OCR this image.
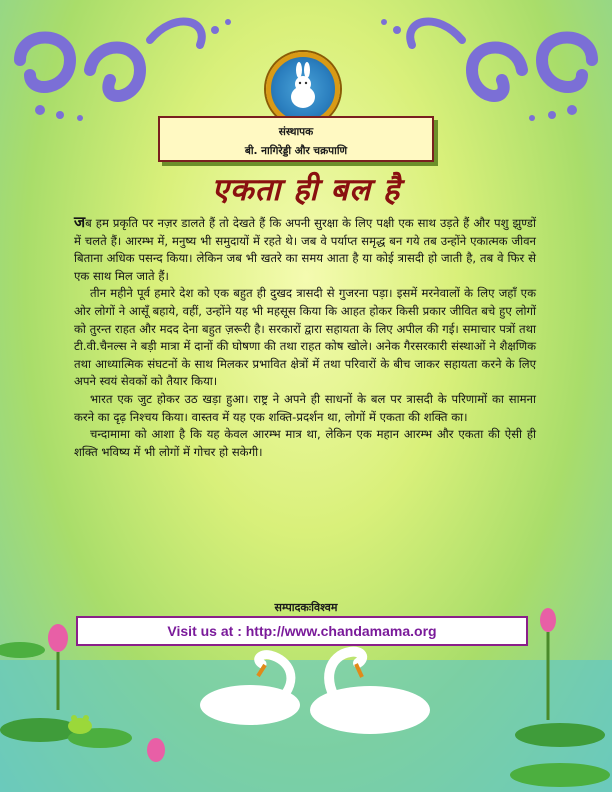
संस्थापक
बी. नागिरेड्डी और चक्रपाणि
एकता ही बल है

जब हम प्रकृति पर नज़र डालते हैं तो देखते हैं कि अपनी सुरक्षा के लिए पक्षी एक साथ उड़ते हैं और पशु झुण्डों में चलते हैं। आरम्भ में, मनुष्य भी समुदायों में रहते थे। जब वे पर्याप्त समृद्ध बन गये तब उन्होंने एकात्मक जीवन बिताना अधिक पसन्द किया। लेकिन जब भी खतरे का समय आता है या कोई त्रासदी हो जाती है, तब वे फिर से एक साथ मिल जाते हैं।

तीन महीने पूर्व हमारे देश को एक बहुत ही दुखद त्रासदी से गुजरना पड़ा। इसमें मरनेवालों के लिए जहाँ एक ओर लोगों ने आसूँ बहाये, वहीं, उन्होंने यह भी महसूस किया कि आहत होकर किसी प्रकार जीवित बचे हुए लोगों को तुरन्त राहत और मदद देना बहुत ज़रूरी है। सरकारों द्वारा सहायता के लिए अपील की गई। समाचार पत्रों तथा टी.वी.चैनल्स ने बड़ी मात्रा में दानों की घोषणा की तथा राहत कोष खोले। अनेक गैरसरकारी संस्थाओं ने शैक्षणिक तथा आध्यात्मिक संघटनों के साथ मिलकर प्रभावित क्षेत्रों में तथा परिवारों के बीच जाकर सहायता करने के लिए अपने स्वयं सेवकों को तैयार किया।

भारत एक जुट होकर उठ खड़ा हुआ। राष्ट्र ने अपने ही साधनों के बल पर त्रासदी के परिणामों का सामना करने का दृढ़ निश्चय किया। वास्तव में यह एक शक्ति-प्रदर्शन था, लोगों में एकता की शक्ति का।

चन्दामामा को आशा है कि यह केवल आरम्भ मात्र था, लेकिन एक महान आरम्भ और एकता की ऐसी ही शक्ति भविष्य में भी लोगों में गोचर हो सकेगी।

सम्पादकःविश्वम
Visit us at : http://www.chandamama.org
